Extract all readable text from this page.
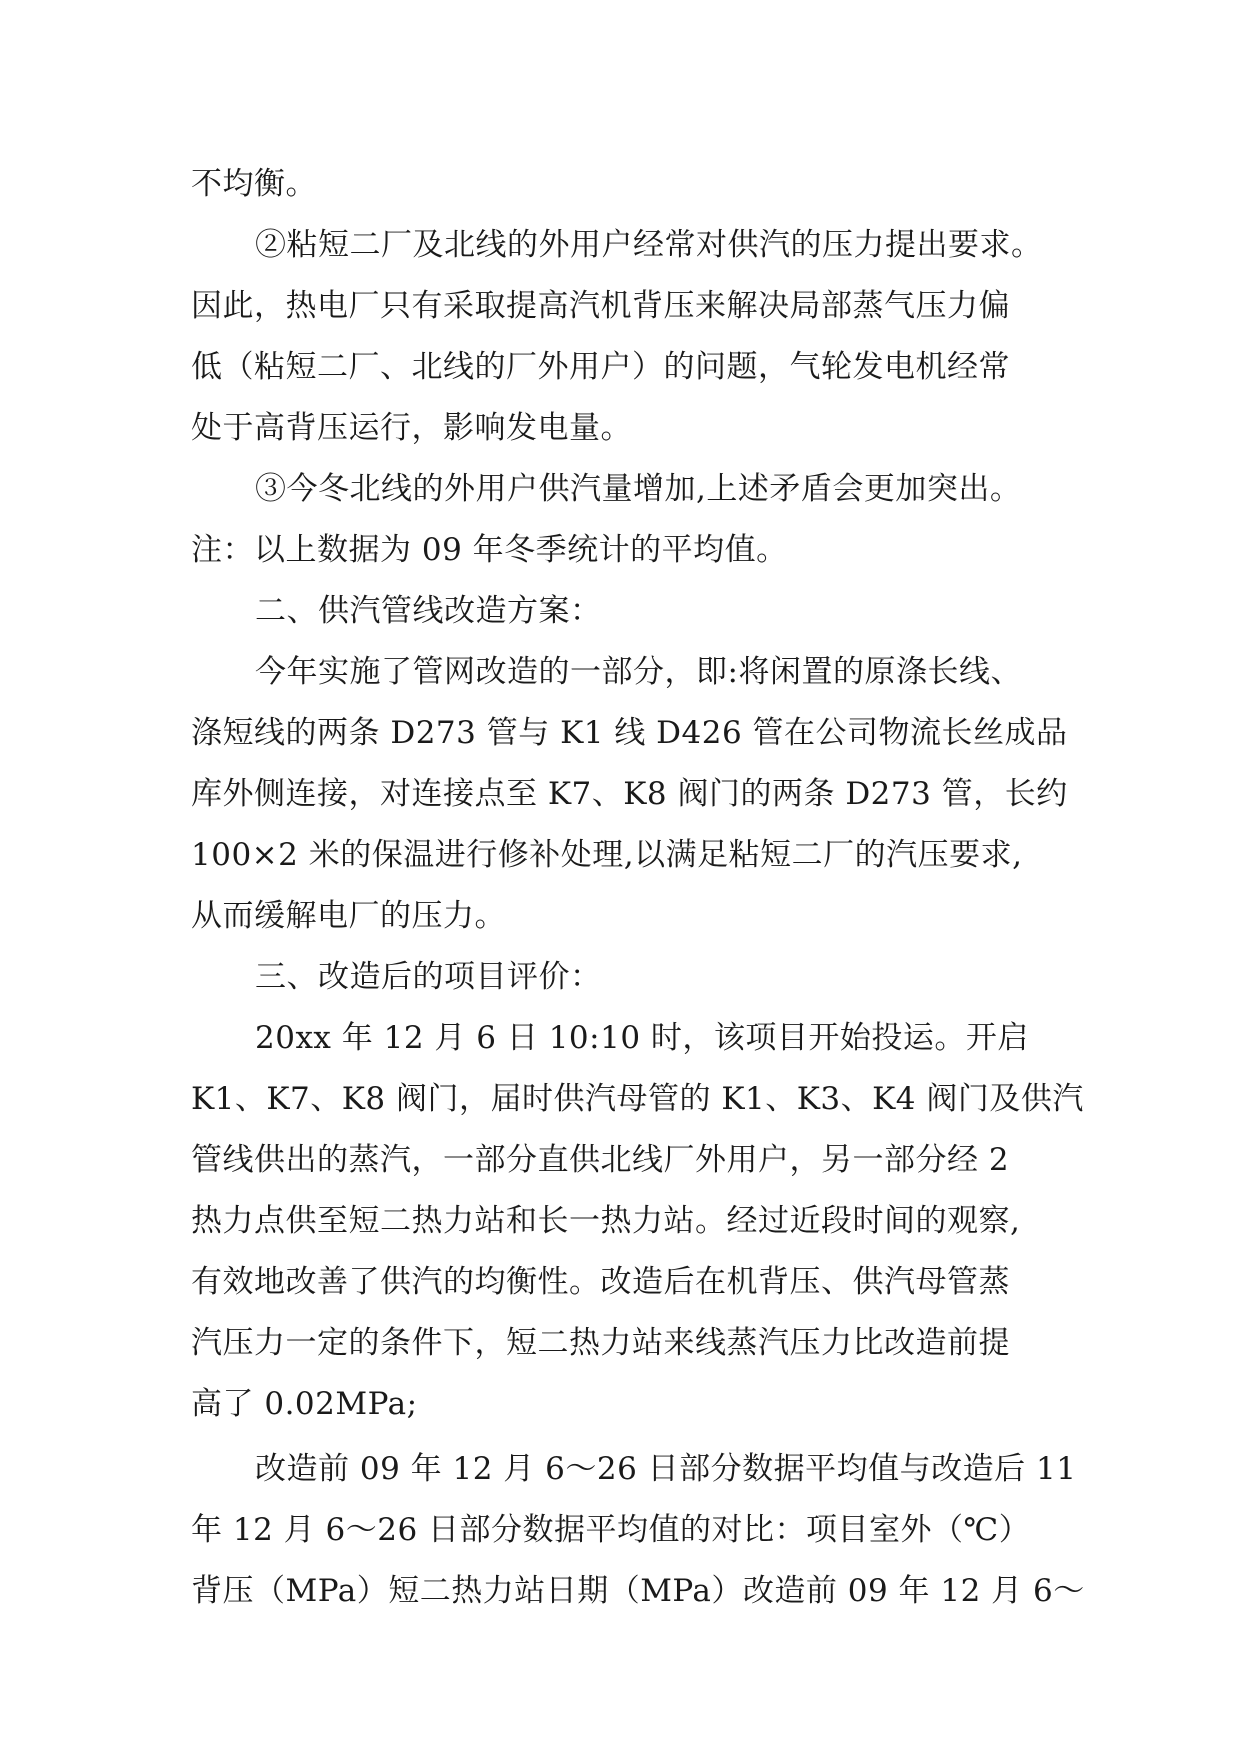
不均衡。
②粘短二厂及北线的外用户经常对供汽的压力提出要求。
因此，热电厂只有采取提高汽机背压来解决局部蒸气压力偏
低（粘短二厂、北线的厂外用户）的问题，气轮发电机经常
处于高背压运行，影响发电量。
③今冬北线的外用户供汽量增加,上述矛盾会更加突出。
注：以上数据为 09 年冬季统计的平均值。
二、供汽管线改造方案：
今年实施了管网改造的一部分，即:将闲置的原涤长线、
涤短线的两条 D273 管与 K1 线 D426 管在公司物流长丝成品
库外侧连接，对连接点至 K7、K8 阀门的两条 D273 管，长约
100×2 米的保温进行修补处理,以满足粘短二厂的汽压要求,
从而缓解电厂的压力。
三、改造后的项目评价：
20xx 年 12 月 6 日 10:10 时，该项目开始投运。开启
K1、K7、K8 阀门，届时供汽母管的 K1、K3、K4 阀门及供汽
管线供出的蒸汽，一部分直供北线厂外用户，另一部分经 2
热力点供至短二热力站和长一热力站。经过近段时间的观察,
有效地改善了供汽的均衡性。改造后在机背压、供汽母管蒸
汽压力一定的条件下，短二热力站来线蒸汽压力比改造前提
高了 0.02MPa;
改造前 09 年 12 月 6～26 日部分数据平均值与改造后 11
年 12 月 6～26 日部分数据平均值的对比：项目室外（℃）
背压（MPa）短二热力站日期（MPa）改造前 09 年 12 月 6～
